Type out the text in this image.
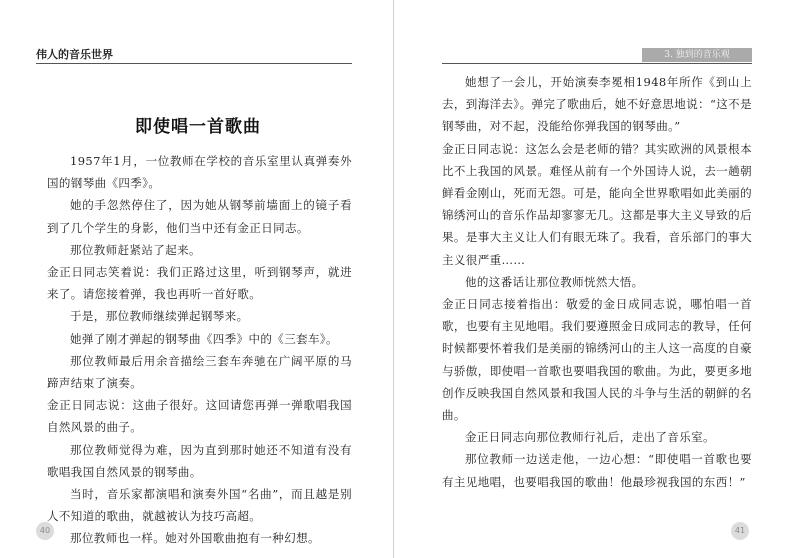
伟人的音乐世界
即使唱一首歌曲

1957年1月，一位教师在学校的音乐室里认真弹奏外国的钢琴曲《四季》。

她的手忽然停住了，因为她从钢琴前墙面上的镜子看到了几个学生的身影，他们当中还有金正日同志。

那位教师赶紧站了起来。

金正日同志笑着说：我们正路过这里，听到钢琴声，就进来了。请您接着弹，我也再听一首好歌。

于是，那位教师继续弹起钢琴来。

她弹了刚才弹起的钢琴曲《四季》中的《三套车》。

那位教师最后用余音描绘三套车奔驰在广阔平原的马蹄声结束了演奏。

金正日同志说：这曲子很好。这回请您再弹一弹歌唱我国自然风景的曲子。

那位教师觉得为难，因为直到那时她还不知道有没有歌唱我国自然风景的钢琴曲。

当时，音乐家都演唱和演奏外国“名曲”，而且越是别人不知道的歌曲，就越被认为技巧高超。

那位教师也一样。她对外国歌曲抱有一种幻想。

40
3. 独到的音乐观

她想了一会儿，开始演奏李冕相1948年所作《到山上去，到海洋去》。弹完了歌曲后，她不好意思地说：“这不是钢琴曲，对不起，没能给你弹我国的钢琴曲。”

金正日同志说：这怎么会是老师的错？其实欧洲的风景根本比不上我国的风景。难怪从前有一个外国诗人说，去一趟朝鲜看金刚山，死而无怨。可是，能向全世界歌唱如此美丽的锦绣河山的音乐作品却寥寥无几。这都是事大主义导致的后果。是事大主义让人们有眼无珠了。我看，音乐部门的事大主义很严重……

他的这番话让那位教师恍然大悟。

金正日同志接着指出：敬爱的金日成同志说，哪怕唱一首歌，也要有主见地唱。我们要遵照金日成同志的教导，任何时候都要怀着我们是美丽的锦绣河山的主人这一高度的自豪与骄傲，即使唱一首歌也要唱我国的歌曲。为此，要更多地创作反映我国自然风景和我国人民的斗争与生活的朝鲜的名曲。

金正日同志向那位教师行礼后，走出了音乐室。

那位教师一边送走他，一边心想：“即使唱一首歌也要有主见地唱，也要唱我国的歌曲！他最珍视我国的东西！”

41
